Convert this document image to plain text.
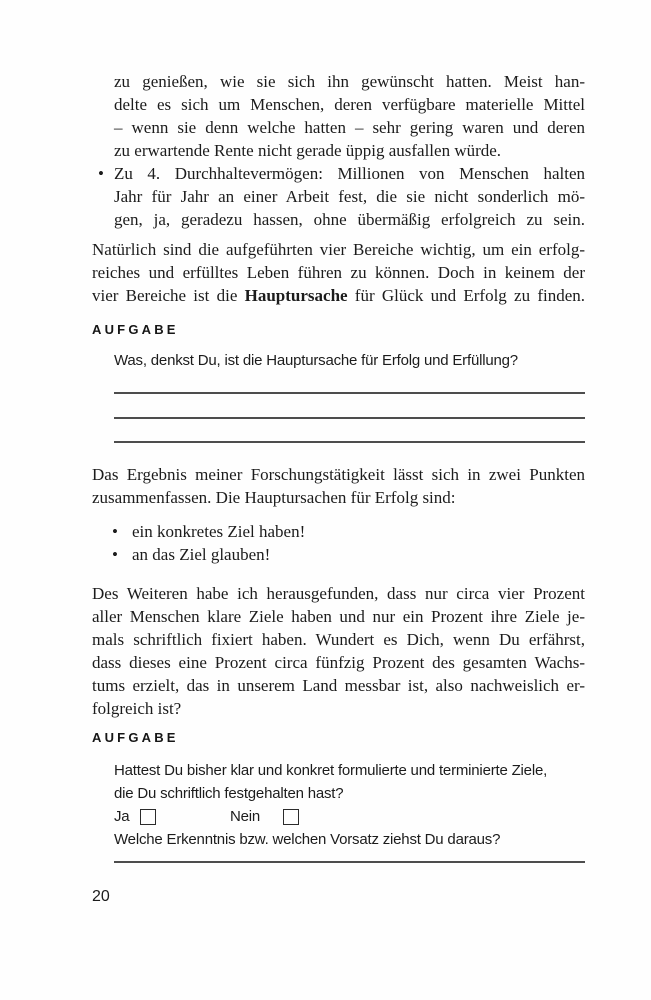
zu genießen, wie sie sich ihn gewünscht hatten. Meist han-
delte es sich um Menschen, deren verfügbare materielle Mittel
– wenn sie denn welche hatten – sehr gering waren und deren
zu erwartende Rente nicht gerade üppig ausfallen würde.
• Zu 4. Durchhaltevermögen: Millionen von Menschen halten
Jahr für Jahr an einer Arbeit fest, die sie nicht sonderlich mö-
gen, ja, geradezu hassen, ohne übermäßig erfolgreich zu sein.
Natürlich sind die aufgeführten vier Bereiche wichtig, um ein erfolg-
reiches und erfülltes Leben führen zu können. Doch in keinem der
vier Bereiche ist die Hauptursache für Glück und Erfolg zu finden.
AUFGABE
Was, denkst Du, ist die Hauptursache für Erfolg und Erfüllung?
Das Ergebnis meiner Forschungstätigkeit lässt sich in zwei Punkten
zusammenfassen. Die Hauptursachen für Erfolg sind:
• ein konkretes Ziel haben!
• an das Ziel glauben!
Des Weiteren habe ich herausgefunden, dass nur circa vier Prozent
aller Menschen klare Ziele haben und nur ein Prozent ihre Ziele je-
mals schriftlich fixiert haben. Wundert es Dich, wenn Du erfährst,
dass dieses eine Prozent circa fünfzig Prozent des gesamten Wachs-
tums erzielt, das in unserem Land messbar ist, also nachweislich er-
folgreich ist?
AUFGABE
Hattest Du bisher klar und konkret formulierte und terminierte Ziele,
die Du schriftlich festgehalten hast?
Ja	Nein
Welche Erkenntnis bzw. welchen Vorsatz ziehst Du daraus?
20
